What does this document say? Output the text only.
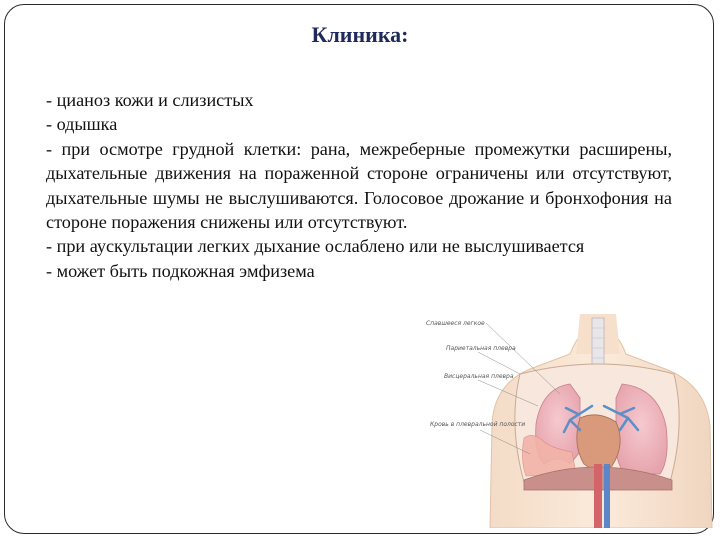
Клиника:

- цианоз кожи и слизистых

- одышка

- при осмотре грудной клетки: рана, межреберные промежутки расширены, дыхательные движения на пораженной стороне ограничены или отсутствуют, дыхательные шумы не выслушиваются. Голосовое дрожание и бронхофония на стороне поражения снижены или отсутствуют.

- при аускультации легких дыхание ослаблено или не выслушивается

- может быть подкожная эмфизема

Спавшееся легкое
Париетальная плевра
Висцеральная плевра
Кровь в плевральной полости
